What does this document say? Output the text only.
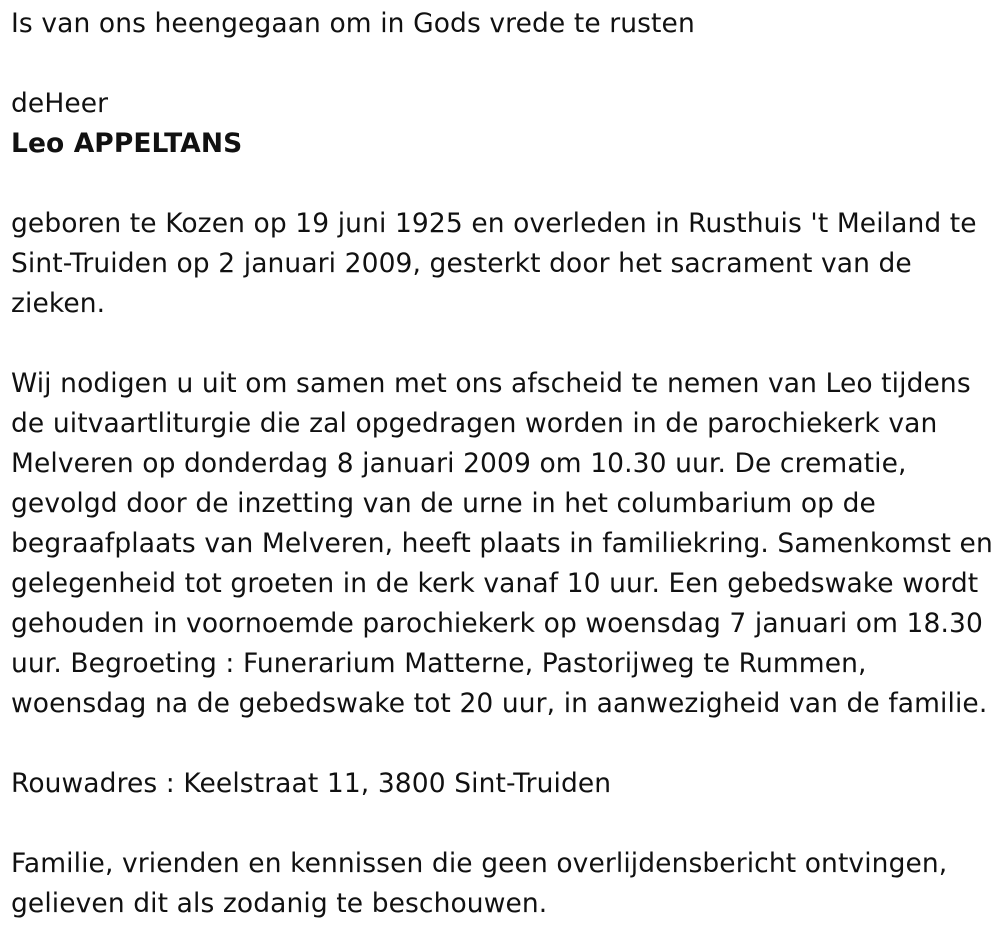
Is van ons heengegaan om in Gods vrede te rusten
deHeer
Leo APPELTANS
geboren te Kozen op 19 juni 1925 en overleden in Rusthuis 't Meiland te
Sint-Truiden op 2 januari 2009, gesterkt door het sacrament van de
zieken.
Wij nodigen u uit om samen met ons afscheid te nemen van Leo tijdens
de uitvaartliturgie die zal opgedragen worden in de parochiekerk van
Melveren op donderdag 8 januari 2009 om 10.30 uur. De crematie,
gevolgd door de inzetting van de urne in het columbarium op de
begraafplaats van Melveren, heeft plaats in familiekring. Samenkomst en
gelegenheid tot groeten in de kerk vanaf 10 uur. Een gebedswake wordt
gehouden in voornoemde parochiekerk op woensdag 7 januari om 18.30
uur. Begroeting : Funerarium Matterne, Pastorijweg te Rummen,
woensdag na de gebedswake tot 20 uur, in aanwezigheid van de familie.
Rouwadres : Keelstraat 11, 3800 Sint-Truiden
Familie, vrienden en kennissen die geen overlijdensbericht ontvingen,
gelieven dit als zodanig te beschouwen.
